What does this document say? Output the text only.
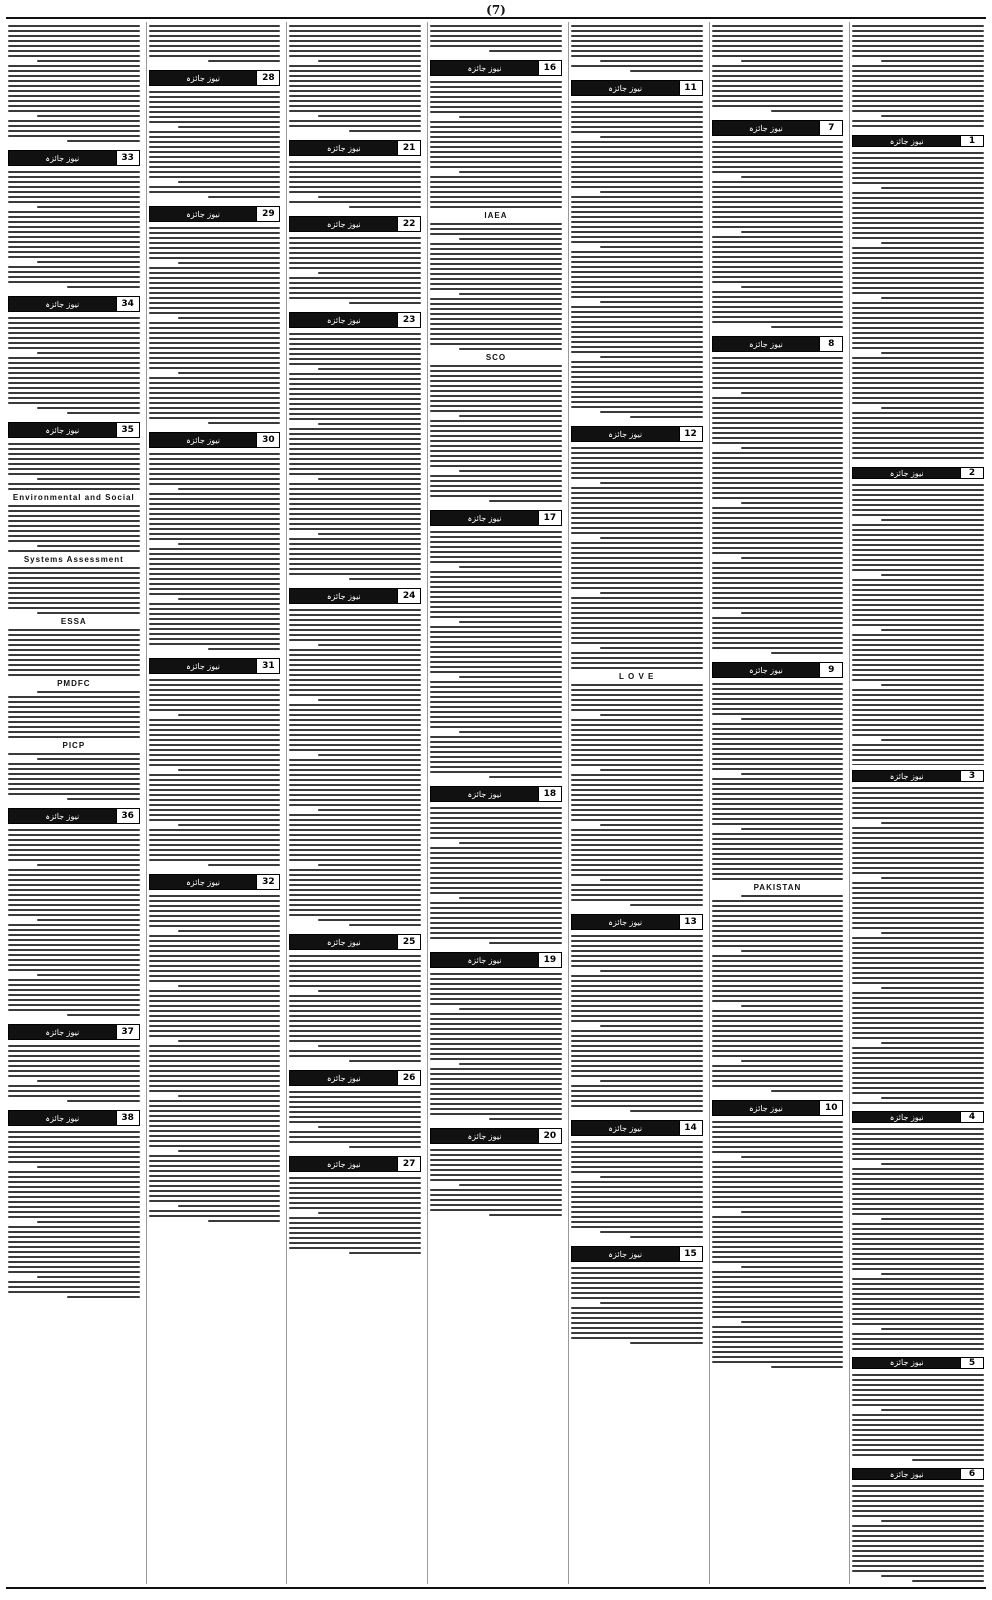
(7)
1
نیوز جائزہ
2
نیوز جائزہ
3
نیوز جائزہ
4
نیوز جائزہ
5
نیوز جائزہ
6
نیوز جائزہ
7
نیوز جائزہ
8
نیوز جائزہ
9
نیوز جائزہ
PAKISTAN
10
نیوز جائزہ
11
نیوز جائزہ
12
نیوز جائزہ
L O V E
13
نیوز جائزہ
14
نیوز جائزہ
15
نیوز جائزہ
16
نیوز جائزہ
IAEA
SCO
17
نیوز جائزہ
18
نیوز جائزہ
19
نیوز جائزہ
20
نیوز جائزہ
21
نیوز جائزہ
22
نیوز جائزہ
23
نیوز جائزہ
24
نیوز جائزہ
25
نیوز جائزہ
26
نیوز جائزہ
27
نیوز جائزہ
28
نیوز جائزہ
29
نیوز جائزہ
30
نیوز جائزہ
31
نیوز جائزہ
32
نیوز جائزہ
33
نیوز جائزہ
34
نیوز جائزہ
35
نیوز جائزہ
Environmental and Social
Systems Assessment
ESSA
PMDFC
PICP
36
نیوز جائزہ
37
نیوز جائزہ
38
نیوز جائزہ
